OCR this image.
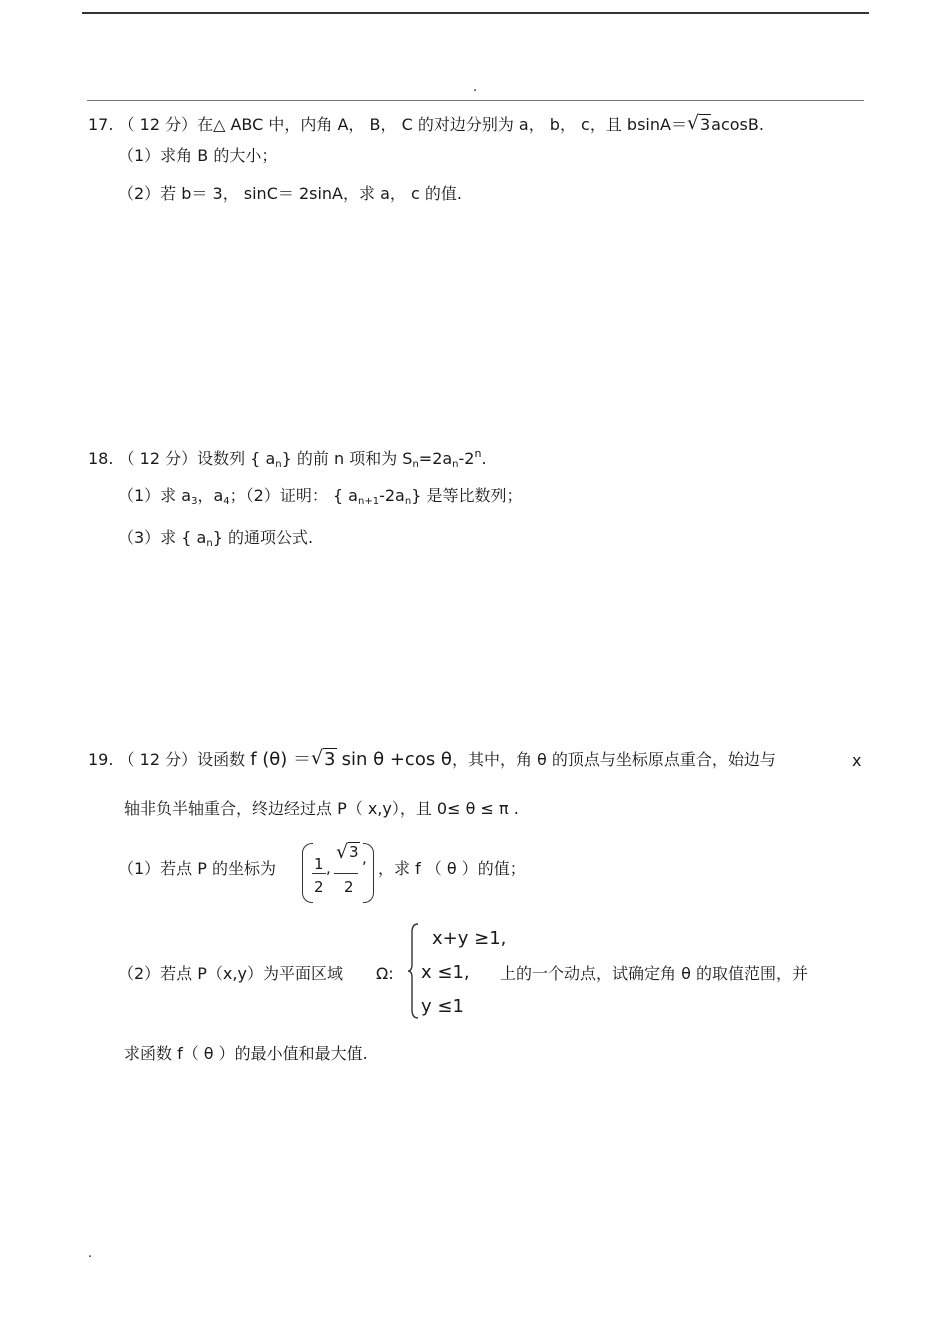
.
17. （ 12 分）在△ ABC 中，内角 A， B， C 的对边分别为 a， b， c，且 bsinA＝ √ 3acosB.
（1）求角 B 的大小；
（2）若 b＝ 3， sinC＝ 2sinA，求 a， c 的值.
18. （ 12 分）设数列 { $a_n$} 的前 n 项和为 $S_n=2a_n-2^n$.
（1）求 $a_3$，$a_4$；（2）证明： { $a_{n+1}-2a_n$} 是等比数列；
（3）求 { $a_n$} 的通项公式.
19. （ 12 分）设函数 f (θ) ＝ √ 3 sin θ +cos θ，其中，角 θ 的顶点与坐标原点重合，始边与	x
轴非负半轴重合，终边经过点 P（ x,y），且 0≤ θ ≤ π .
（1）若点 P 的坐标为	1
2
,
√ 3
2
,
，求 f （ θ ）的值；
（2）若点 P（x,y）为平面区域 Ω:
x+y ≥1,
x ≤1,
y ≤1
上的一个动点，试确定角 θ 的取值范围，并
求函数 f（ θ ）的最小值和最大值.
.
